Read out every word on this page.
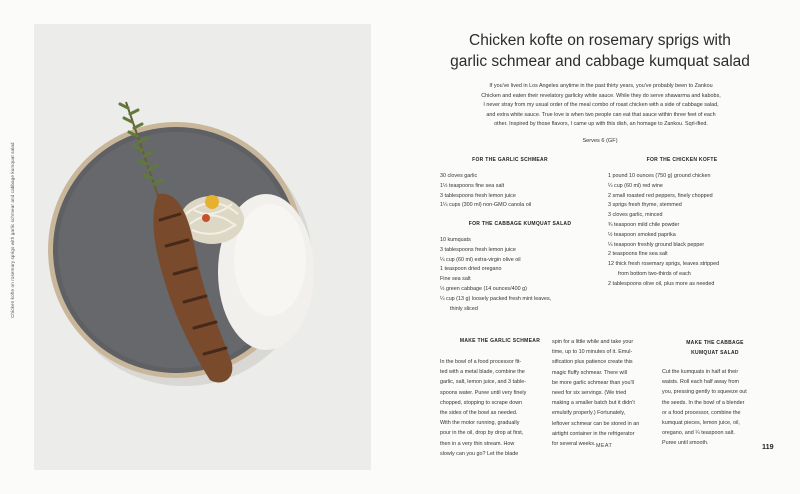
Chicken kofte on rosemary sprigs with garlic schmear and cabbage kumquat salad
Chicken kofte on rosemary sprigs with
garlic schmear and cabbage kumquat salad
If you've lived in Los Angeles anytime in the past thirty years, you've probably been to Zankou
Chicken and eaten their revelatory garlicky white sauce. While they do serve shawarma and kabobs,
I never stray from my usual order of the meal combo of roast chicken with a side of cabbage salad,
and extra white sauce. True love is when two people can eat that sauce within three feet of each
other. Inspired by those flavors, I came up with this dish, an homage to Zankou. Sqrl-ified.
Serves 6 (GF)
FOR THE GARLIC SCHMEAR
30 cloves garlic
1½ teaspoons fine sea salt
3 tablespoons fresh lemon juice
1¼ cups (300 ml) non-GMO canola oil
FOR THE CABBAGE KUMQUAT SALAD
10 kumquats
3 tablespoons fresh lemon juice
¼ cup (60 ml) extra-virgin olive oil
1 teaspoon dried oregano
Fine sea salt
½ green cabbage (14 ounces/400 g)
¼ cup (13 g) loosely packed fresh mint leaves,
thinly sliced
FOR THE CHICKEN KOFTE
1 pound 10 ounces (750 g) ground chicken
¼ cup (60 ml) red wine
2 small roasted red peppers, finely chopped
3 sprigs fresh thyme, stemmed
3 cloves garlic, minced
¾ teaspoon mild chile powder
½ teaspoon smoked paprika
¼ teaspoon freshly ground black pepper
2 teaspoons fine sea salt
12 thick fresh rosemary sprigs, leaves stripped
from bottom two-thirds of each
2 tablespoons olive oil, plus more as needed
MAKE THE GARLIC SCHMEAR
In the bowl of a food processor fit-
ted with a metal blade, combine the
garlic, salt, lemon juice, and 3 table-
spoons water. Puree until very finely
chopped, stopping to scrape down
the sides of the bowl as needed.
With the motor running, gradually
pour in the oil, drop by drop at first,
then in a very thin stream. How
slowly can you go? Let the blade
spin for a little while and take your
time, up to 10 minutes of it. Emul-
sification plus patience create this
magic fluffy schmear. There will
be more garlic schmear than you'll
need for six servings. (We tried
making a smaller batch but it didn't
emulsify properly.) Fortunately,
leftover schmear can be stored in an
airtight container in the refrigerator
for several weeks.
MAKE THE CABBAGE
KUMQUAT SALAD
Cut the kumquats in half at their
waists. Roll each half away from
you, pressing gently to squeeze out
the seeds. In the bowl of a blender
or a food processor, combine the
kumquat pieces, lemon juice, oil,
oregano, and ¼ teaspoon salt.
Puree until smooth.
MEAT	119
